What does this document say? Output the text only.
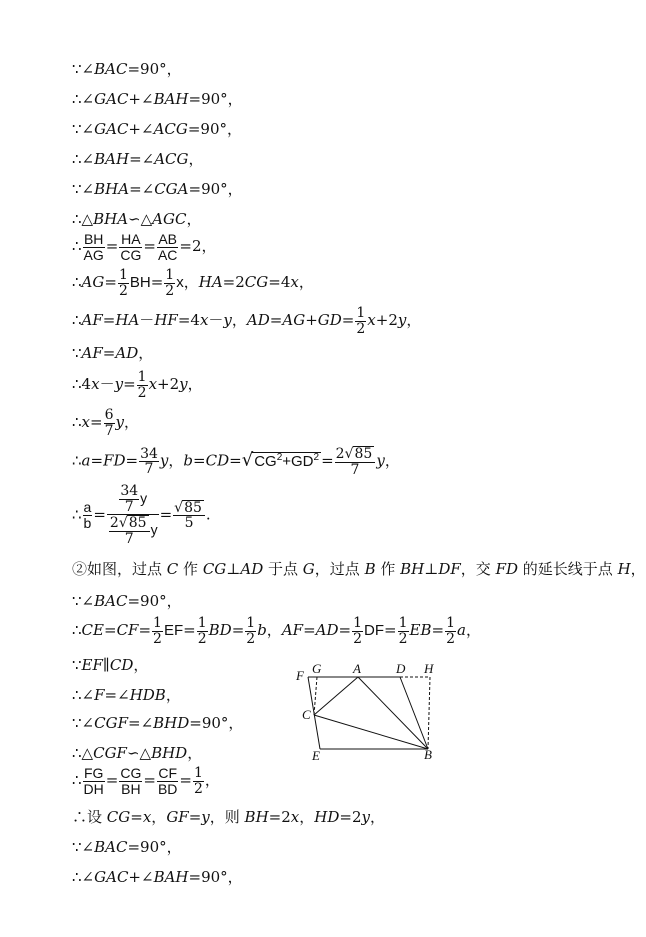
∵∠BAC=90°，
∴∠GAC+∠BAH=90°，
∵∠GAC+∠ACG=90°，
∴∠BAH=∠ACG，
∵∠BHA=∠CGA=90°，
∴△BHA∽△AGC，
∴ $\frac{BH}{AG} = \frac{HA}{CG} = \frac{AB}{AC} =2$，
∴AG= $\frac{1}{2} BH= \frac{1}{2}$ x，HA=2CG=4x，
∴AF=HA－HF=4x－y，$AD=AG+GD= \frac{1}{2} x+2y$，
∵AF=AD，
∴4x－y= $\frac{1}{2} x+2y$，
∴x= $\frac{6}{7}$ y，
∴a=FD= $\frac{34}{7}$ y，$b=CD=√CG^2+GD^2 = \frac{2√85}{7}$ y，
∴ $\frac{a}{b} = \frac{\frac{34}{7} y}{\frac{2√85}{7} y} = \frac{√85}{5}$ .
②如图，过点 C 作 CG⊥AD 于点 G，过点 B 作 BH⊥DF，交 FD 的延长线于点 H，
∵∠BAC=90°，
∴CE=CF= $\frac{1}{2} EF= \frac{1}{2} BD= \frac{1}{2}$ b，$AF=AD= \frac{1}{2} DF= \frac{1}{2} EB= \frac{1}{2}$ a，
∵EF∥CD，
∴∠F=∠HDB，
∵∠CGF=∠BHD=90°，
∴△CGF∽△BHD，
∴ $\frac{FG}{DH} = \frac{CG}{BH} = \frac{CF}{BD} = \frac{1}{2}$ ，
∴设 CG=x，GF=y，则 BH=2x，HD=2y，
∵∠BAC=90°，
∴∠GAC+∠BAH=90°，
F G A	D H
C
E	B
